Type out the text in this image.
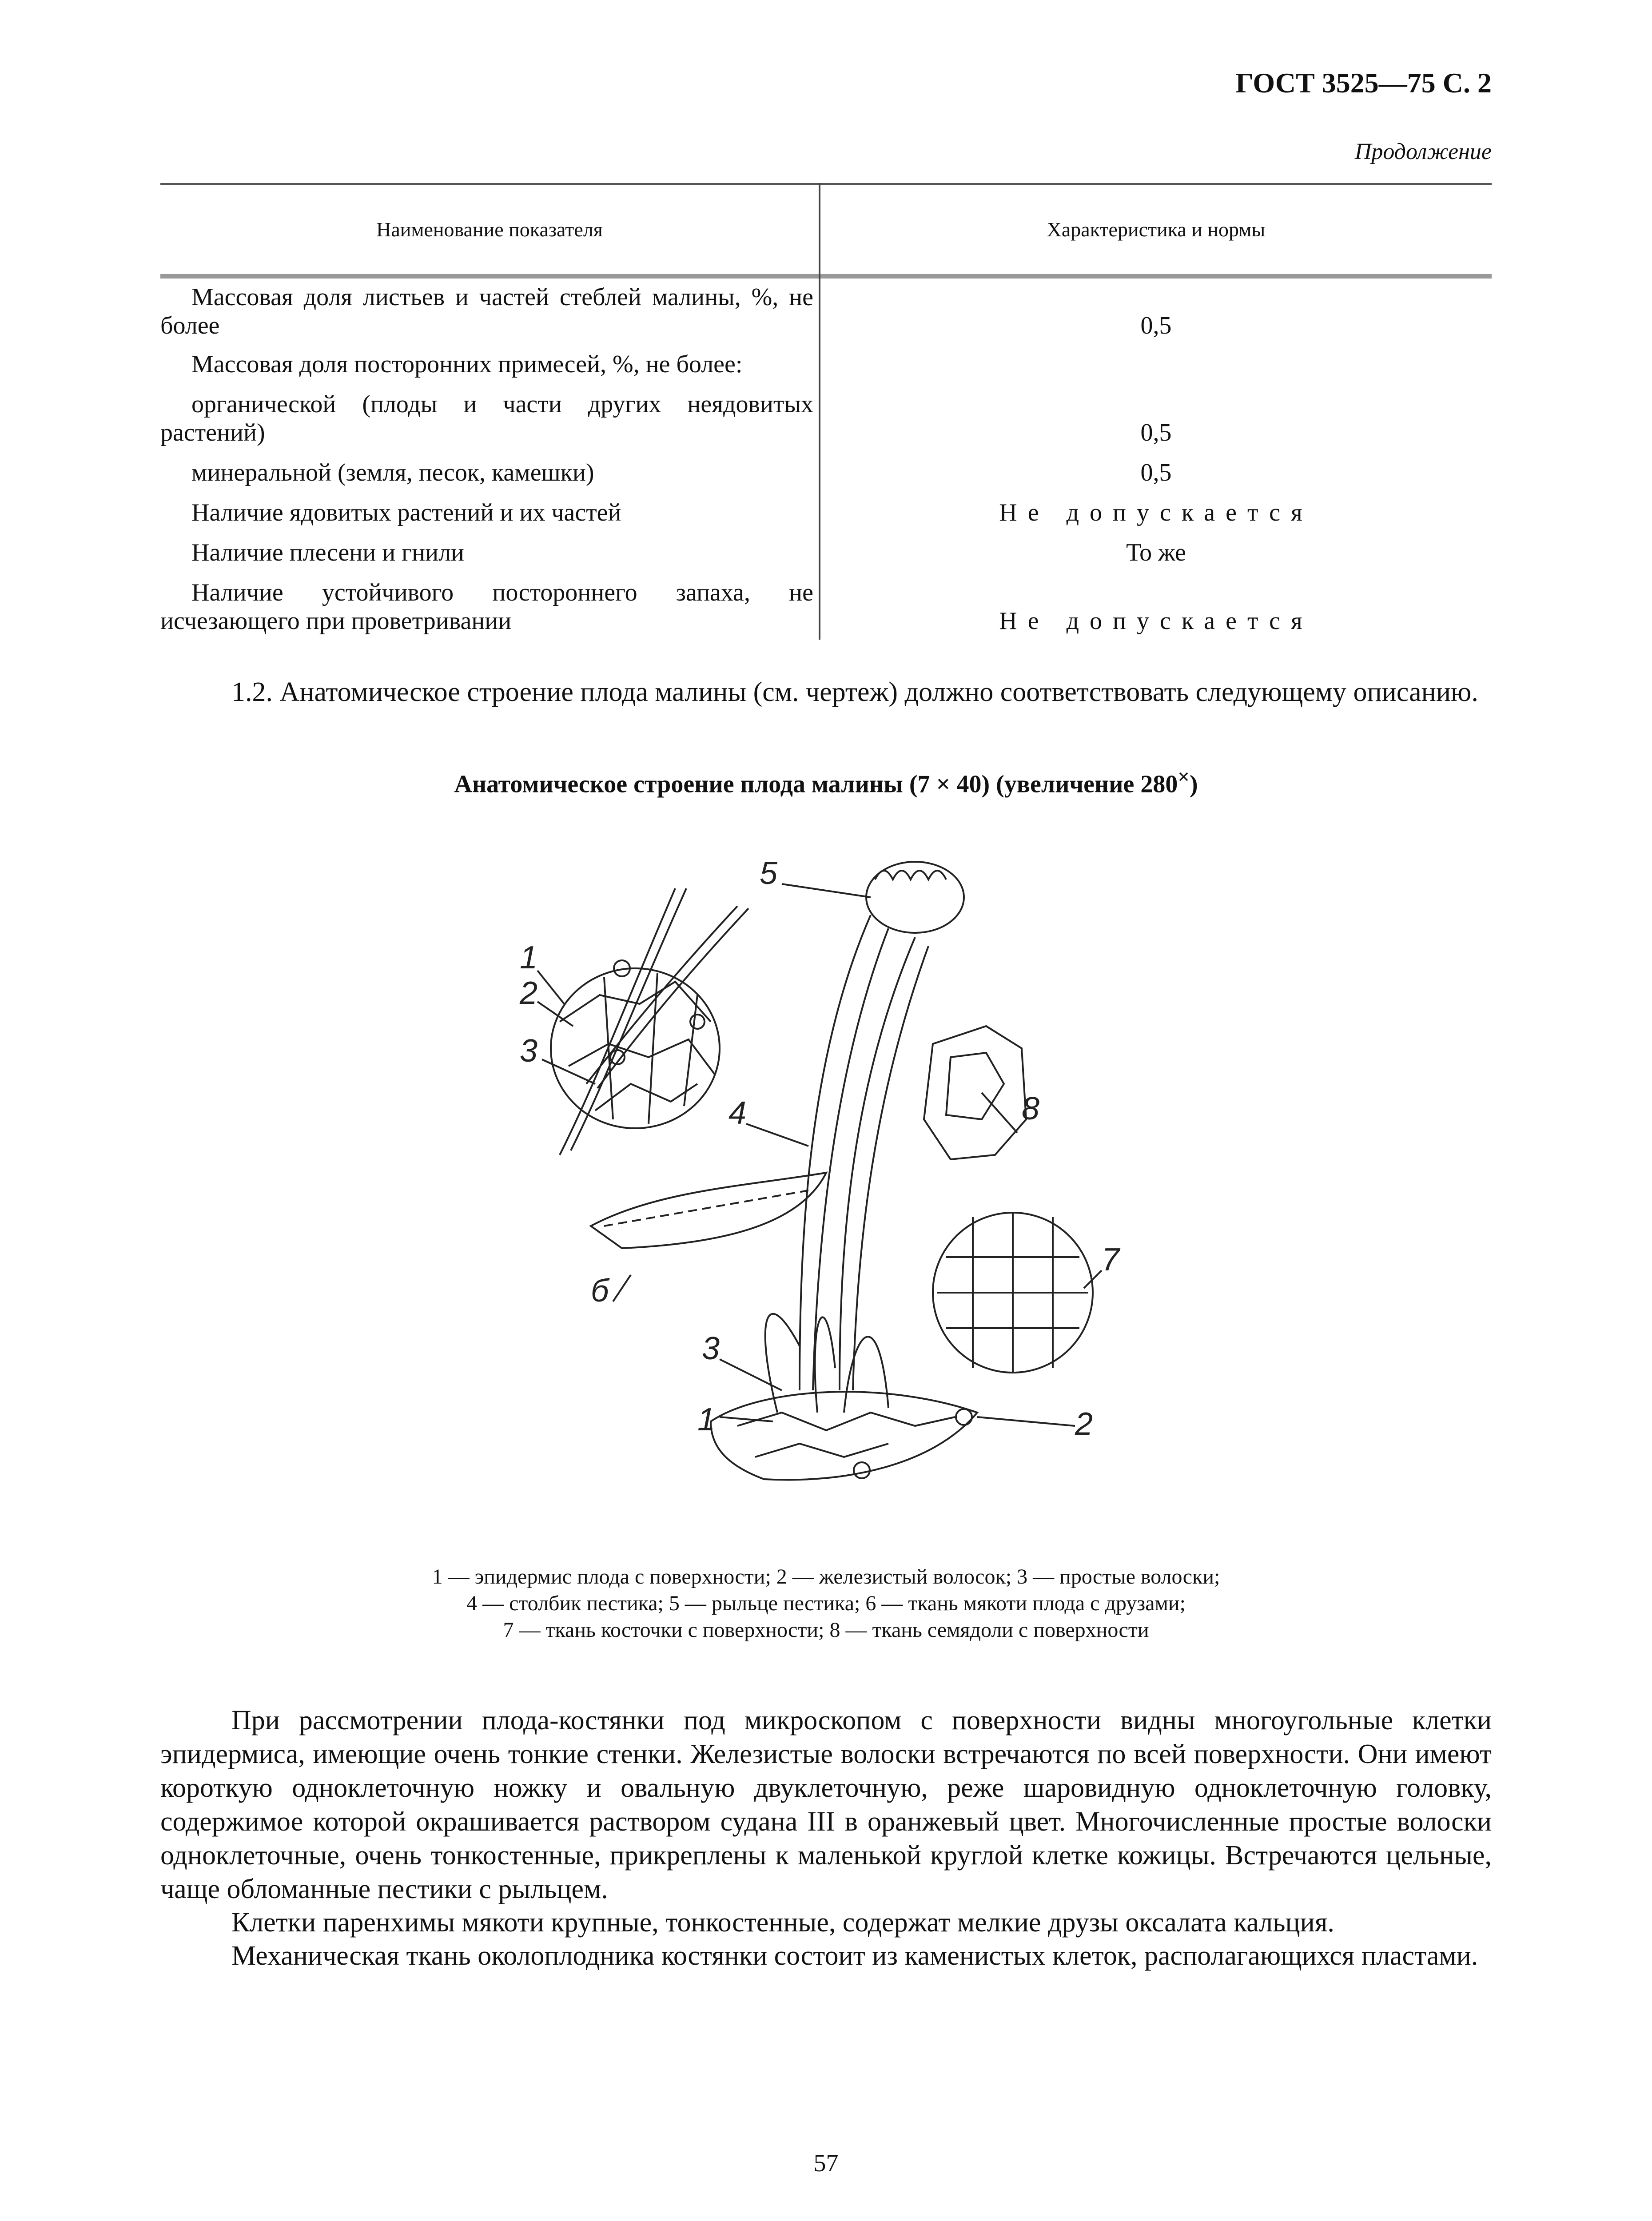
ГОСТ 3525—75 С. 2
Продолжение
Наименование показателя	Характеристика и нормы
Массовая доля листьев и частей стеблей малины, %, не более	0,5
Массовая доля посторонних примесей, %, не более:
органической (плоды и части других неядовитых растений)	0,5
минеральной (земля, песок, камешки)	0,5
Наличие ядовитых растений и их частей	Не допускается
Наличие плесени и гнили	То же
Наличие устойчивого постороннего запаха, не исчезающего при проветривании	Не допускается
1.2. Анатомическое строение плода малины (см. чертеж) должно соответствовать следующему описанию.
Анатомическое строение плода малины (7 × 40) (увеличение 280×)
1
2
3
4
5
б
7
8
3
1	2
1 — эпидермис плода с поверхности; 2 — железистый волосок; 3 — простые волоски;
4 — столбик пестика; 5 — рыльце пестика; 6 — ткань мякоти плода с друзами;
7 — ткань косточки с поверхности; 8 — ткань семядоли с поверхности
При рассмотрении плода-костянки под микроскопом с поверхности видны многоугольные клетки эпидермиса, имеющие очень тонкие стенки. Железистые волоски встречаются по всей поверхности. Они имеют короткую одноклеточную ножку и овальную двуклеточную, реже шаровидную одноклеточную головку, содержимое которой окрашивается раствором судана III в оранжевый цвет. Многочисленные простые волоски одноклеточные, очень тонкостенные, прикреплены к маленькой круглой клетке кожицы. Встречаются цельные, чаще обломанные пестики с рыльцем.
Клетки паренхимы мякоти крупные, тонкостенные, содержат мелкие друзы оксалата кальция.
Механическая ткань околоплодника костянки состоит из каменистых клеток, располагающихся пластами.
57
